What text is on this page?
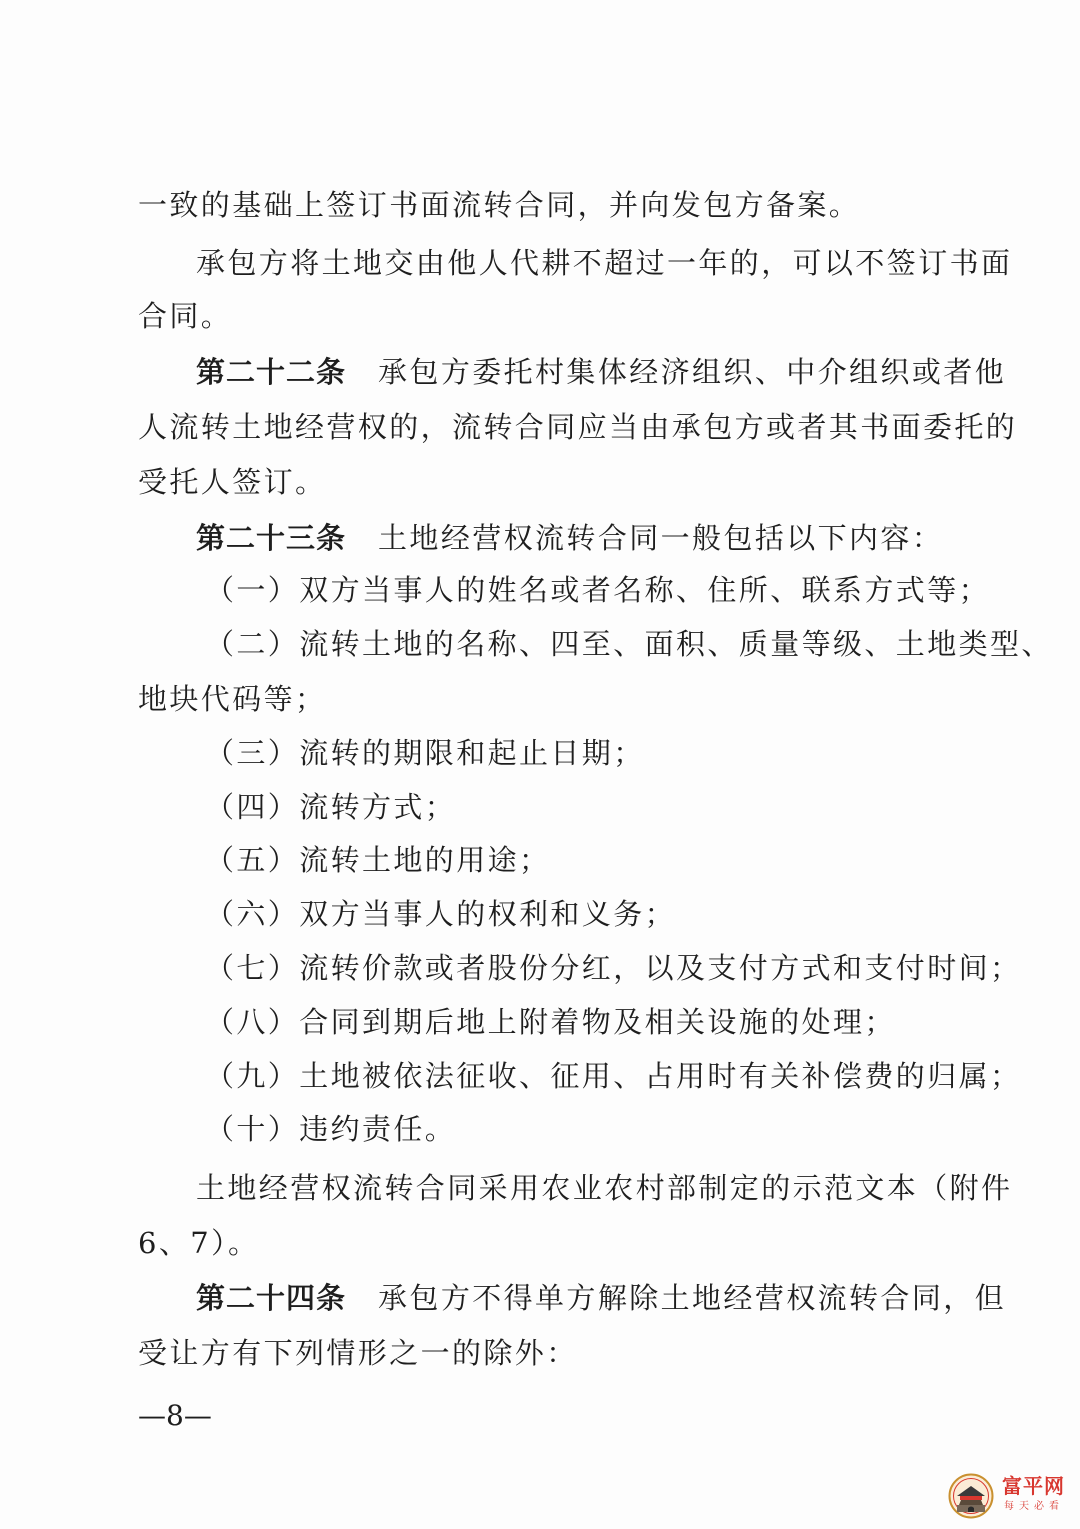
一致的基础上签订书面流转合同，并向发包方备案。
承包方将土地交由他人代耕不超过一年的，可以不签订书面
合同。
第二十二条 承包方委托村集体经济组织、中介组织或者他
人流转土地经营权的，流转合同应当由承包方或者其书面委托的
受托人签订。
第二十三条 土地经营权流转合同一般包括以下内容：
（一）双方当事人的姓名或者名称、住所、联系方式等；
（二）流转土地的名称、四至、面积、质量等级、土地类型、
地块代码等；
（三）流转的期限和起止日期；
（四）流转方式；
（五）流转土地的用途；
（六）双方当事人的权利和义务；
（七）流转价款或者股份分红，以及支付方式和支付时间；
（八）合同到期后地上附着物及相关设施的处理；
（九）土地被依法征收、征用、占用时有关补偿费的归属；
（十）违约责任。
土地经营权流转合同采用农业农村部制定的示范文本（附件
6、7）。
第二十四条 承包方不得单方解除土地经营权流转合同，但
受让方有下列情形之一的除外：
—8—
富平网
每天必看
